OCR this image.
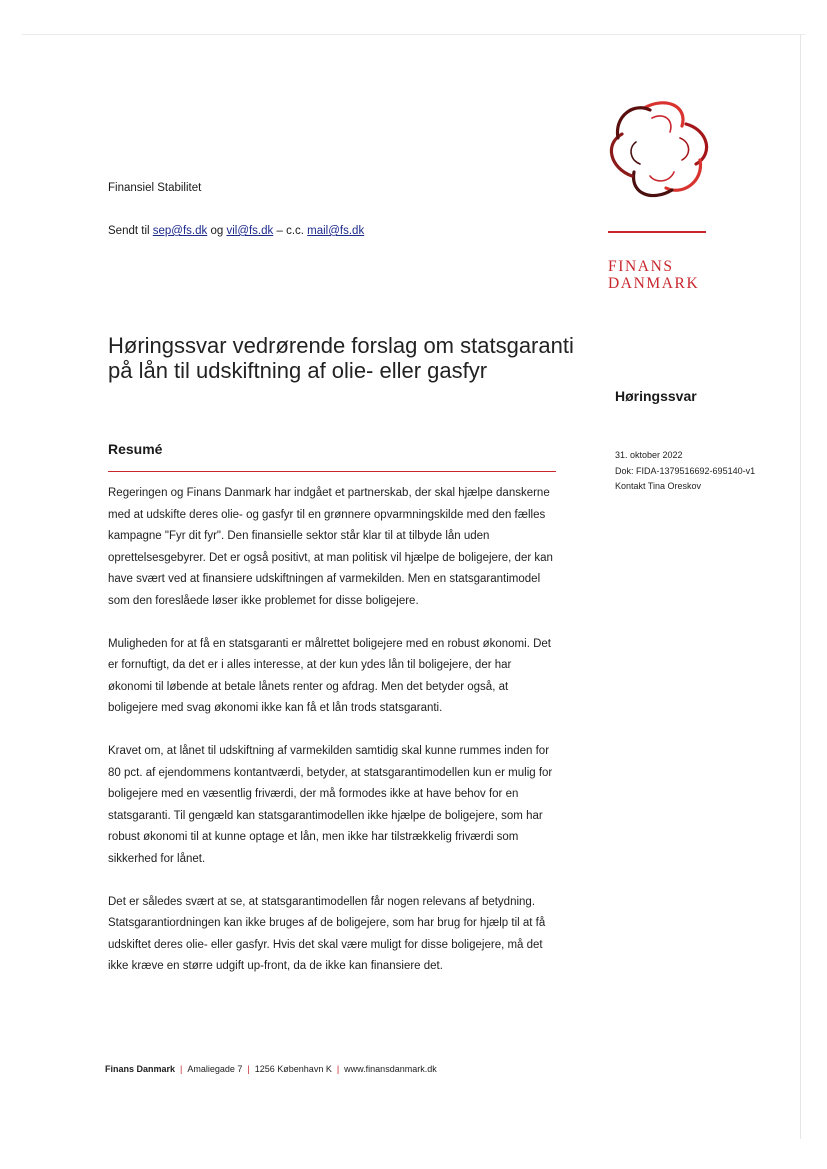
FINANS
DANMARK
Finansiel Stabilitet
Sendt til sep@fs.dk og vil@fs.dk – c.c. mail@fs.dk
Høringssvar vedrørende forslag om statsgaranti på lån til udskiftning af olie- eller gasfyr
Høringssvar
31. oktober 2022
Dok: FIDA-1379516692-695140-v1
Kontakt Tina Oreskov
Resumé

Regeringen og Finans Danmark har indgået et partnerskab, der skal hjælpe danskerne med at udskifte deres olie- og gasfyr til en grønnere opvarmningskilde med den fælles kampagne "Fyr dit fyr". Den finansielle sektor står klar til at tilbyde lån uden oprettelsesgebyrer. Det er også positivt, at man politisk vil hjælpe de boligejere, der kan have svært ved at finansiere udskiftningen af varmekilden. Men en statsgarantimodel som den foreslåede løser ikke problemet for disse boligejere.

Muligheden for at få en statsgaranti er målrettet boligejere med en robust økonomi. Det er fornuftigt, da det er i alles interesse, at der kun ydes lån til boligejere, der har økonomi til løbende at betale lånets renter og afdrag. Men det betyder også, at boligejere med svag økonomi ikke kan få et lån trods statsgaranti.

Kravet om, at lånet til udskiftning af varmekilden samtidig skal kunne rummes inden for 80 pct. af ejendommens kontantværdi, betyder, at statsgarantimodellen kun er mulig for boligejere med en væsentlig friværdi, der må formodes ikke at have behov for en statsgaranti. Til gengæld kan statsgarantimodellen ikke hjælpe de boligejere, som har robust økonomi til at kunne optage et lån, men ikke har tilstrækkelig friværdi som sikkerhed for lånet.

Det er således svært at se, at statsgarantimodellen får nogen relevans af betydning. Statsgarantiordningen kan ikke bruges af de boligejere, som har brug for hjælp til at få udskiftet deres olie- eller gasfyr. Hvis det skal være muligt for disse boligejere, må det ikke kræve en større udgift up-front, da de ikke kan finansiere det.

Finans Danmark | Amaliegade 7 | 1256 København K | www.finansdanmark.dk
